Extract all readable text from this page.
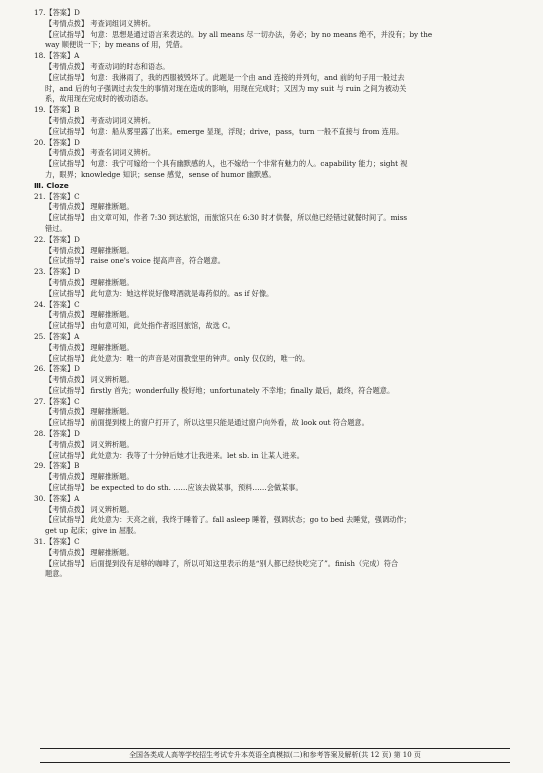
17.【答案】D
【考情点拨】 考查词组词义辨析。
【应试指导】 句意：思想是通过语言来表达的。by all means 尽一切办法，务必；by no means 绝不，并没有；by the
way 顺便说一下；by means of 用，凭借。
18.【答案】A
【考情点拨】 考查动词的时态和语态。
【应试指导】 句意：我淋雨了，我的西服被毁坏了。此题是一个由 and 连接的并列句，and 前的句子用一般过去
时，and 后的句子强调过去发生的事情对现在造成的影响，用现在完成时；又因为 my suit 与 ruin 之间为被动关
系，故用现在完成时的被动语态。
19.【答案】B
【考情点拨】 考查动词词义辨析。
【应试指导】 句意：船从雾里露了出来。emerge 显现，浮现；drive，pass，turn 一般不直接与 from 连用。
20.【答案】D
【考情点拨】 考查名词词义辨析。
【应试指导】 句意：我宁可嫁给一个具有幽默感的人，也不嫁给一个非常有魅力的人。capability 能力；sight 视
力，眼界；knowledge 知识；sense 感觉，sense of humor 幽默感。
Ⅲ. Cloze
21.【答案】C
【考情点拨】 理解推断题。
【应试指导】 由文章可知，作者 7:30 到达旅馆，而旅馆只在 6:30 时才供餐，所以他已经错过就餐时间了。miss
错过。
22.【答案】D
【考情点拨】 理解推断题。
【应试指导】 raise one's voice 提高声音，符合题意。
23.【答案】D
【考情点拨】 理解推断题。
【应试指导】 此句意为：她这样说好像啤酒就是毒药似的。as if 好像。
24.【答案】C
【考情点拨】 理解推断题。
【应试指导】 由句意可知，此处指作者返回旅馆，故选 C。
25.【答案】A
【考情点拨】 理解推断题。
【应试指导】 此处意为：唯一的声音是对面教堂里的钟声。only 仅仅的，唯一的。
26.【答案】D
【考情点拨】 词义辨析题。
【应试指导】 firstly 首先；wonderfully 极好地；unfortunately 不幸地；finally 最后，最终，符合题意。
27.【答案】C
【考情点拨】 理解推断题。
【应试指导】 前面提到楼上的窗户打开了，所以这里只能是通过窗户向外看，故 look out 符合题意。
28.【答案】D
【考情点拨】 词义辨析题。
【应试指导】 此处意为：我等了十分钟后她才让我进来。let sb. in 让某人进来。
29.【答案】B
【考情点拨】 理解推断题。
【应试指导】 be expected to do sth. ……应该去做某事，预料……会做某事。
30.【答案】A
【考情点拨】 词义辨析题。
【应试指导】 此处意为：天亮之前，我终于睡着了。fall asleep 睡着，强调状态；go to bed 去睡觉，强调动作；
get up 起床；give in 屈服。
31.【答案】C
【考情点拨】 理解推断题。
【应试指导】 后面提到没有足够的咖啡了，所以可知这里表示的是“别人都已经快吃完了”。finish（完成）符合
题意。
全国各类成人高等学校招生考试专升本英语全真模拟(二)和参考答案及解析(共 12 页) 第 10 页
